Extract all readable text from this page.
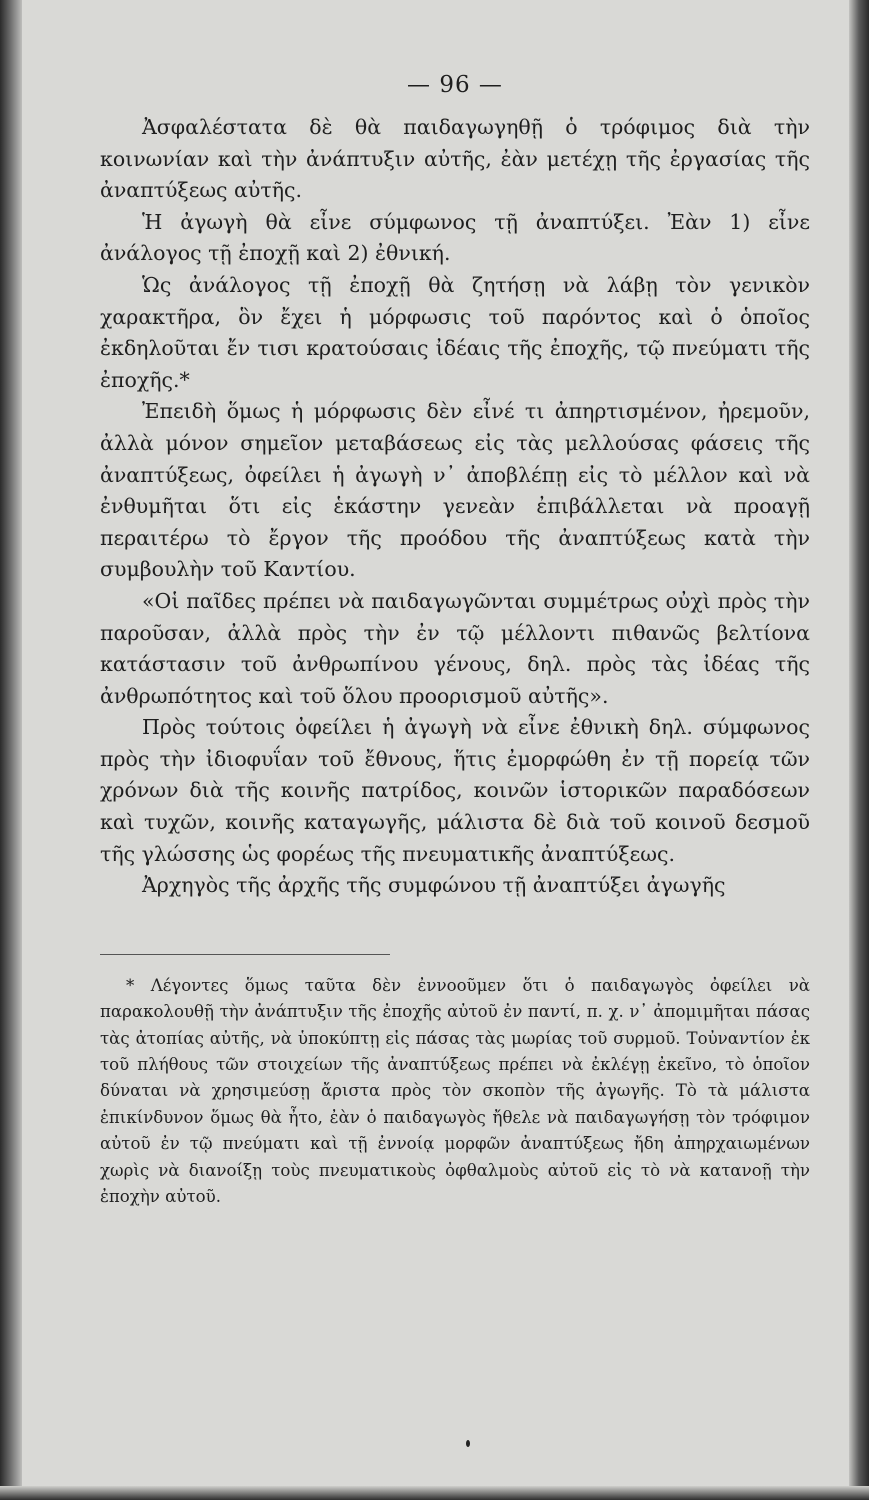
— 96 —

Ἀσφαλέστατα δὲ θὰ παιδαγωγηθῇ ὁ τρόφιμος διὰ τὴν κοινωνίαν καὶ τὴν ἀνάπτυξιν αὐτῆς, ἐὰν μετέχῃ τῆς ἐργασίας τῆς ἀναπτύξεως αὐτῆς.

Ἡ ἀγωγὴ θὰ εἶνε σύμφωνος τῇ ἀναπτύξει. Ἐὰν 1) εἶνε ἀνάλογος τῇ ἐποχῇ καὶ 2) ἐθνική.

Ὡς ἀνάλογος τῇ ἐποχῇ θὰ ζητήσῃ νὰ λάβῃ τὸν γενικὸν χαρακτῆρα, ὃν ἔχει ἡ μόρφωσις τοῦ παρόντος καὶ ὁ ὁποῖος ἐκδηλοῦται ἔν τισι κρατούσαις ἰδέαις τῆς ἐποχῆς, τῷ πνεύματι τῆς ἐποχῆς.*

Ἐπειδὴ ὅμως ἡ μόρφωσις δὲν εἶνέ τι ἀπηρτισμένον, ἠρεμοῦν, ἀλλὰ μόνον σημεῖον μεταβάσεως εἰς τὰς μελλούσας φάσεις τῆς ἀναπτύξεως, ὀφείλει ἡ ἀγωγὴ ν᾽ ἀποβλέπῃ εἰς τὸ μέλλον καὶ νὰ ἐνθυμῆται ὅτι εἰς ἑκάστην γενεὰν ἐπιβάλλεται νὰ προαγῇ περαιτέρω τὸ ἔργον τῆς προόδου τῆς ἀναπτύξεως κατὰ τὴν συμβουλὴν τοῦ Καντίου.

«Οἱ παῖδες πρέπει νὰ παιδαγωγῶνται συμμέτρως οὐχὶ πρὸς τὴν παροῦσαν, ἀλλὰ πρὸς τὴν ἐν τῷ μέλλοντι πιθανῶς βελτίονα κατάστασιν τοῦ ἀνθρωπίνου γένους, δηλ. πρὸς τὰς ἰδέας τῆς ἀνθρωπότητος καὶ τοῦ ὅλου προορισμοῦ αὐτῆς».

Πρὸς τούτοις ὀφείλει ἡ ἀγωγὴ νὰ εἶνε ἐθνικὴ δηλ. σύμφωνος πρὸς τὴν ἰδιοφυΐαν τοῦ ἔθνους, ἥτις ἐμορφώθη ἐν τῇ πορείᾳ τῶν χρόνων διὰ τῆς κοινῆς πατρίδος, κοινῶν ἱστορικῶν παραδόσεων καὶ τυχῶν, κοινῆς καταγωγῆς, μάλιστα δὲ διὰ τοῦ κοινοῦ δεσμοῦ τῆς γλώσσης ὡς φορέως τῆς πνευματικῆς ἀναπτύξεως.

Ἀρχηγὸς τῆς ἀρχῆς τῆς συμφώνου τῇ ἀναπτύξει ἀγωγῆς

* Λέγοντες ὅμως ταῦτα δὲν ἐννοοῦμεν ὅτι ὁ παιδαγωγὸς ὀφείλει νὰ παρακολουθῇ τὴν ἀνάπτυξιν τῆς ἐποχῆς αὐτοῦ ἐν παντί, π. χ. ν᾽ ἀπομιμῆται πάσας τὰς ἀτοπίας αὐτῆς, νὰ ὑποκύπτῃ εἰς πάσας τὰς μωρίας τοῦ συρμοῦ. Τοὐναντίον ἐκ τοῦ πλήθους τῶν στοιχείων τῆς ἀναπτύξεως πρέπει νὰ ἐκλέγῃ ἐκεῖνο, τὸ ὁποῖον δύναται νὰ χρησιμεύσῃ ἄριστα πρὸς τὸν σκοπὸν τῆς ἀγωγῆς. Τὸ τὰ μάλιστα ἐπικίνδυνον ὅμως θὰ ἦτο, ἐὰν ὁ παιδαγωγὸς ἤθελε νὰ παιδαγωγήσῃ τὸν τρόφιμον αὐτοῦ ἐν τῷ πνεύματι καὶ τῇ ἐννοίᾳ μορφῶν ἀναπτύξεως ἤδη ἀπηρχαιωμένων χωρὶς νὰ διανοίξῃ τοὺς πνευματικοὺς ὀφθαλμοὺς αὐτοῦ εἰς τὸ νὰ κατανοῇ τὴν ἐποχὴν αὐτοῦ.
